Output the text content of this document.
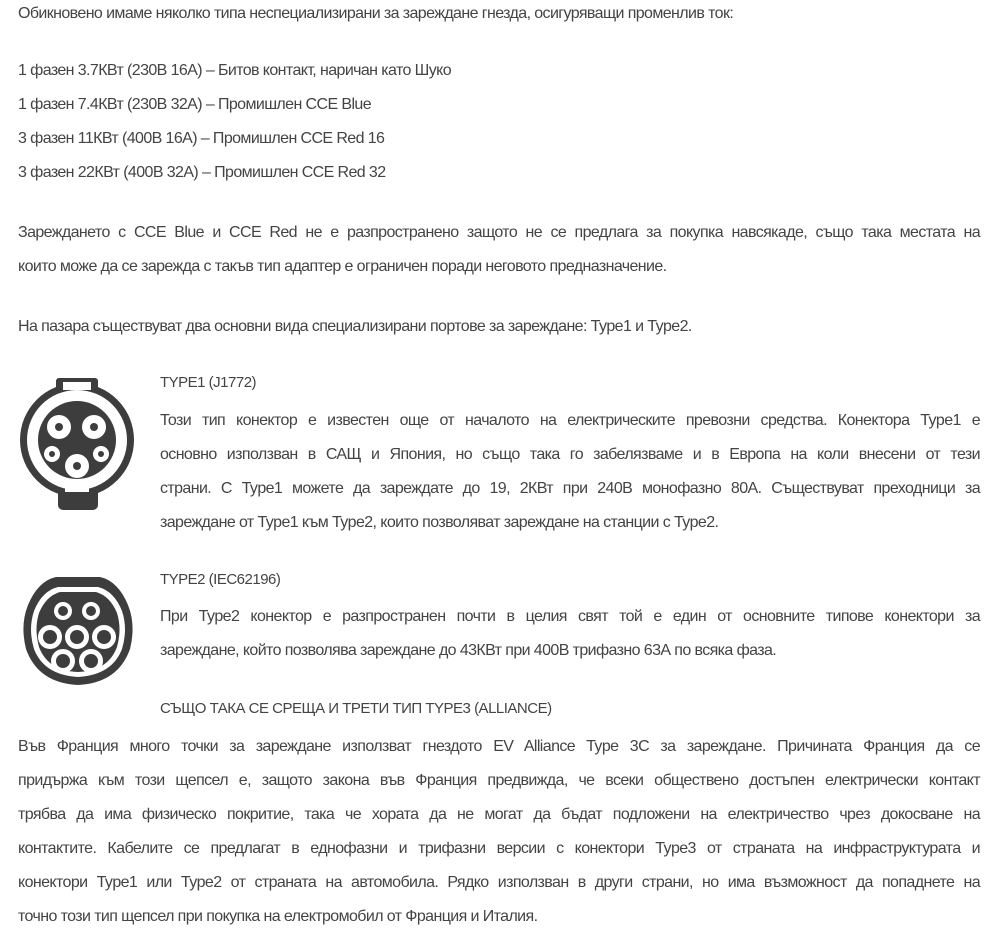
Обикновено имаме няколко типа неспециализирани за зареждане гнезда, осигуряващи променлив ток:
1 фазен 3.7КВт (230В 16А) – Битов контакт, наричан като Шуко
1 фазен 7.4КВт (230В 32А) – Промишлен CCE Blue
3 фазен 11КВт (400В 16А) – Промишлен CCE Red 16
3 фазен 22КВт (400В 32А) – Промишлен CCE Red 32
Зареждането с CCE Blue и CCE Red не е разпространено защото не се предлага за покупка навсякаде, също така местата на
които може да се зарежда с такъв тип адаптер е ограничен поради неговото предназначение.
На пазара съществуват два основни вида специализирани портове за зареждане: Type1 и Type2.
TYPE1 (J1772)
Този тип конектор е известен още от началото на електрическите превозни средства. Конектора Type1 е
основно използван в САЩ и Япония, но също така го забелязваме и в Европа на коли внесени от тези
страни. С Type1 можете да зареждате до 19, 2КВт при 240В монофазно 80А. Съществуват преходници за
зареждане от Type1 към Type2, които позволяват зареждане на станции с Type2.
TYPE2 (IEC62196)
При Type2 конектор е разпространен почти в целия свят той е един от основните типове конектори за
зареждане, който позволява зареждане до 43КВт при 400В трифазно 63А по всяка фаза.
СЪЩО ТАКА СЕ СРЕЩА И ТРЕТИ ТИП TYPE3 (ALLIANCE)
Във Франция много точки за зареждане използват гнездото EV Alliance Type 3C за зареждане. Причината Франция да се
придържа към този щепсел е, защото закона във Франция предвижда, че всеки обществено достъпен електрически контакт
трябва да има физическо покритие, така че хората да не могат да бъдат подложени на електричество чрез докосване на
контактите. Кабелите се предлагат в еднофазни и трифазни версии с конектори Type3 от страната на инфраструктурата и
конектори Type1 или Type2 от страната на автомобила. Рядко използван в други страни, но има възможност да попаднете на
точно този тип щепсел при покупка на електромобил от Франция и Италия.
